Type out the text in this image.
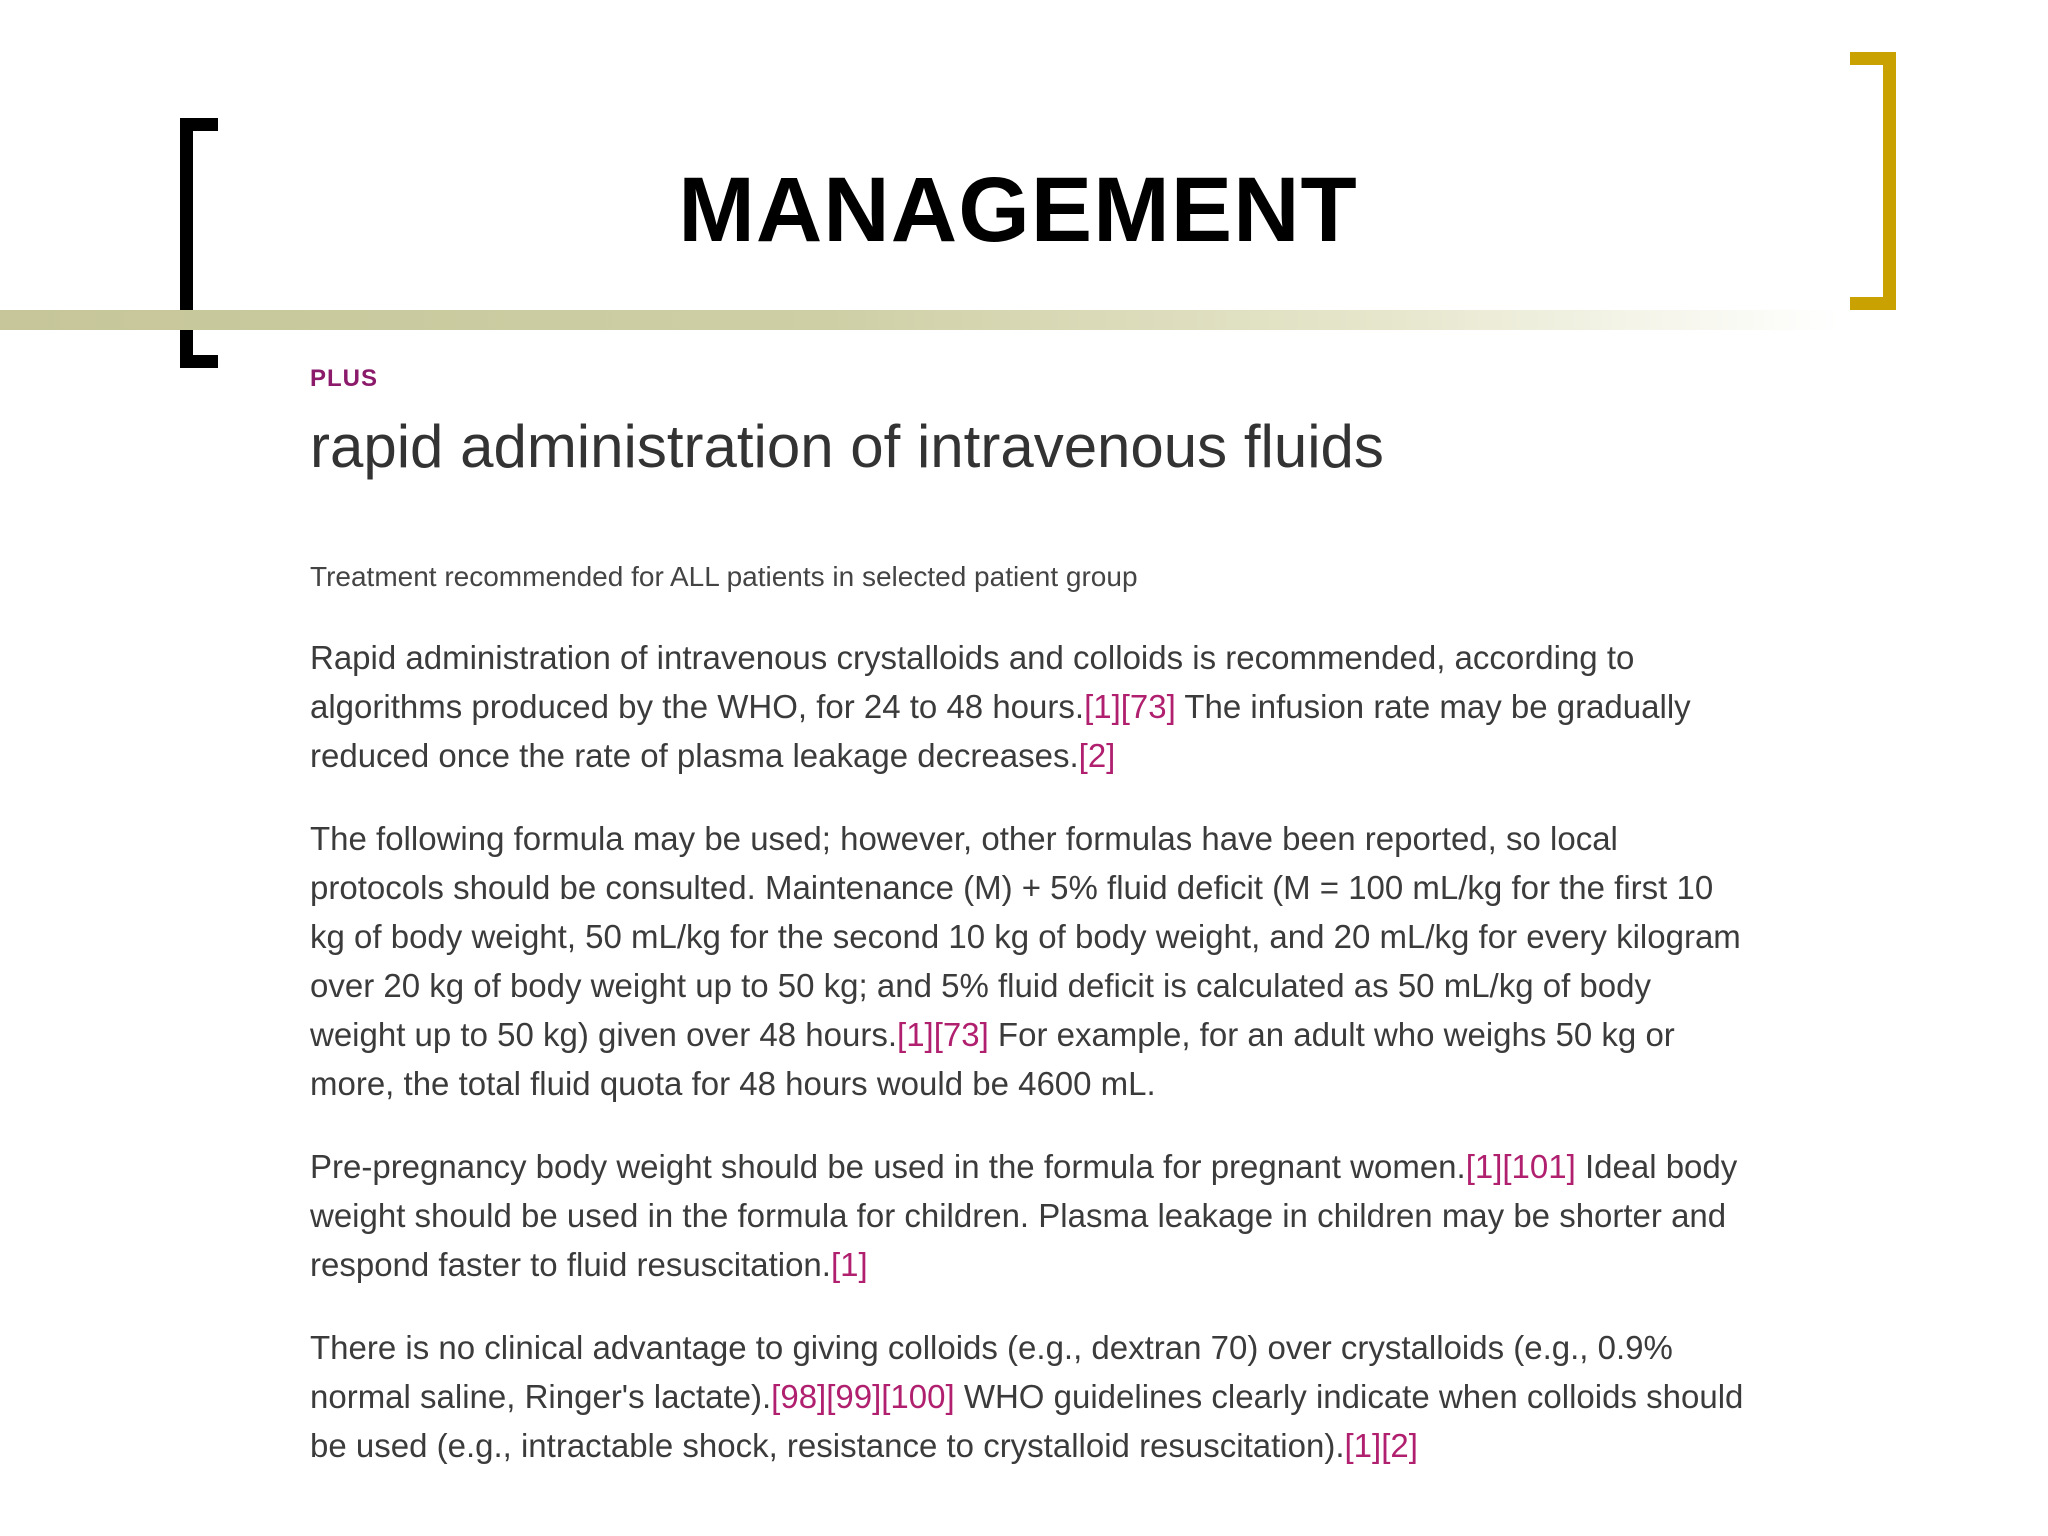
MANAGEMENT
PLUS
rapid administration of intravenous fluids

Treatment recommended for ALL patients in selected patient group

Rapid administration of intravenous crystalloids and colloids is recommended, according to algorithms produced by the WHO, for 24 to 48 hours.[1][73] The infusion rate may be gradually reduced once the rate of plasma leakage decreases.[2]

The following formula may be used; however, other formulas have been reported, so local protocols should be consulted. Maintenance (M) + 5% fluid deficit (M = 100 mL/kg for the first 10 kg of body weight, 50 mL/kg for the second 10 kg of body weight, and 20 mL/kg for every kilogram over 20 kg of body weight up to 50 kg; and 5% fluid deficit is calculated as 50 mL/kg of body weight up to 50 kg) given over 48 hours.[1][73] For example, for an adult who weighs 50 kg or more, the total fluid quota for 48 hours would be 4600 mL.

Pre-pregnancy body weight should be used in the formula for pregnant women.[1][101] Ideal body weight should be used in the formula for children. Plasma leakage in children may be shorter and respond faster to fluid resuscitation.[1]

There is no clinical advantage to giving colloids (e.g., dextran 70) over crystalloids (e.g., 0.9% normal saline, Ringer's lactate).[98][99][100] WHO guidelines clearly indicate when colloids should be used (e.g., intractable shock, resistance to crystalloid resuscitation).[1][2]
